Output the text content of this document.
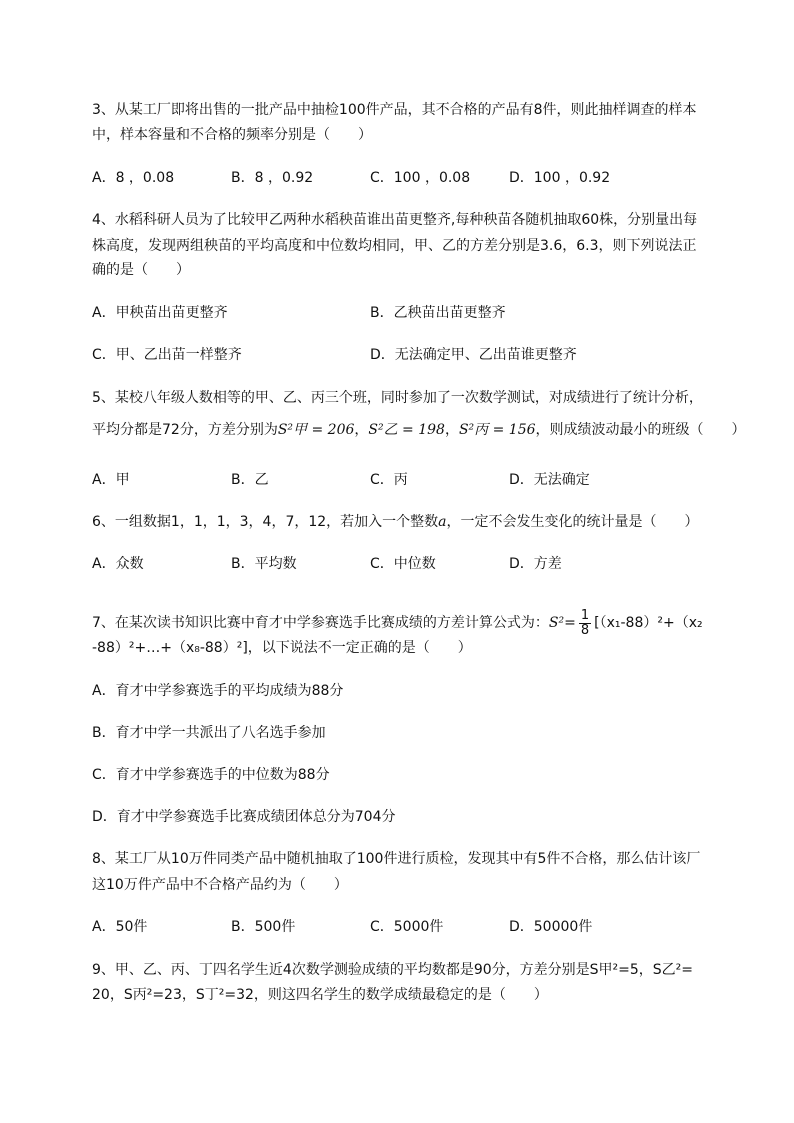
3、从某工厂即将出售的一批产品中抽检100件产品，其不合格的产品有8件，则此抽样调查的样本
中，样本容量和不合格的频率分别是（　　）
A．8 ，0.08	B．8 ，0.92	C．100 ，0.08	D．100 ，0.92
4、水稻科研人员为了比较甲乙两种水稻秧苗谁出苗更整齐,每种秧苗各随机抽取60株，分别量出每
株高度，发现两组秧苗的平均高度和中位数均相同，甲、乙的方差分别是3.6，6.3，则下列说法正
确的是（　　）
A．甲秧苗出苗更整齐	B．乙秧苗出苗更整齐
C．甲、乙出苗一样整齐	D．无法确定甲、乙出苗谁更整齐
5、某校八年级人数相等的甲、乙、丙三个班，同时参加了一次数学测试，对成绩进行了统计分析，
平均分都是72分，方差分别为S²甲 = 206，S²乙 = 198，S²丙 = 156，则成绩波动最小的班级（　　）
A．甲	B．乙	C．丙	D．无法确定
6、一组数据1，1，1，3，4，7，12，若加入一个整数a，一定不会发生变化的统计量是（　　）
A．众数	B．平均数	C．中位数	D．方差
7、在某次读书知识比赛中育才中学参赛选手比赛成绩的方差计算公式为：$S^2= \frac{1}{8} [(x_1-88)^2+(x_2$
-88）²+…+（x₈-88）²]，以下说法不一定正确的是（　　）
A．育才中学参赛选手的平均成绩为88分
B．育才中学一共派出了八名选手参加
C．育才中学参赛选手的中位数为88分
D．育才中学参赛选手比赛成绩团体总分为704分
8、某工厂从10万件同类产品中随机抽取了100件进行质检，发现其中有5件不合格，那么估计该厂
这10万件产品中不合格产品约为（　　）
A．50件	B．500件	C．5000件	D．50000件
9、甲、乙、丙、丁四名学生近4次数学测验成绩的平均数都是90分，方差分别是S甲²=5，S乙²=
20，S丙²=23，S丁²=32，则这四名学生的数学成绩最稳定的是（　　）
